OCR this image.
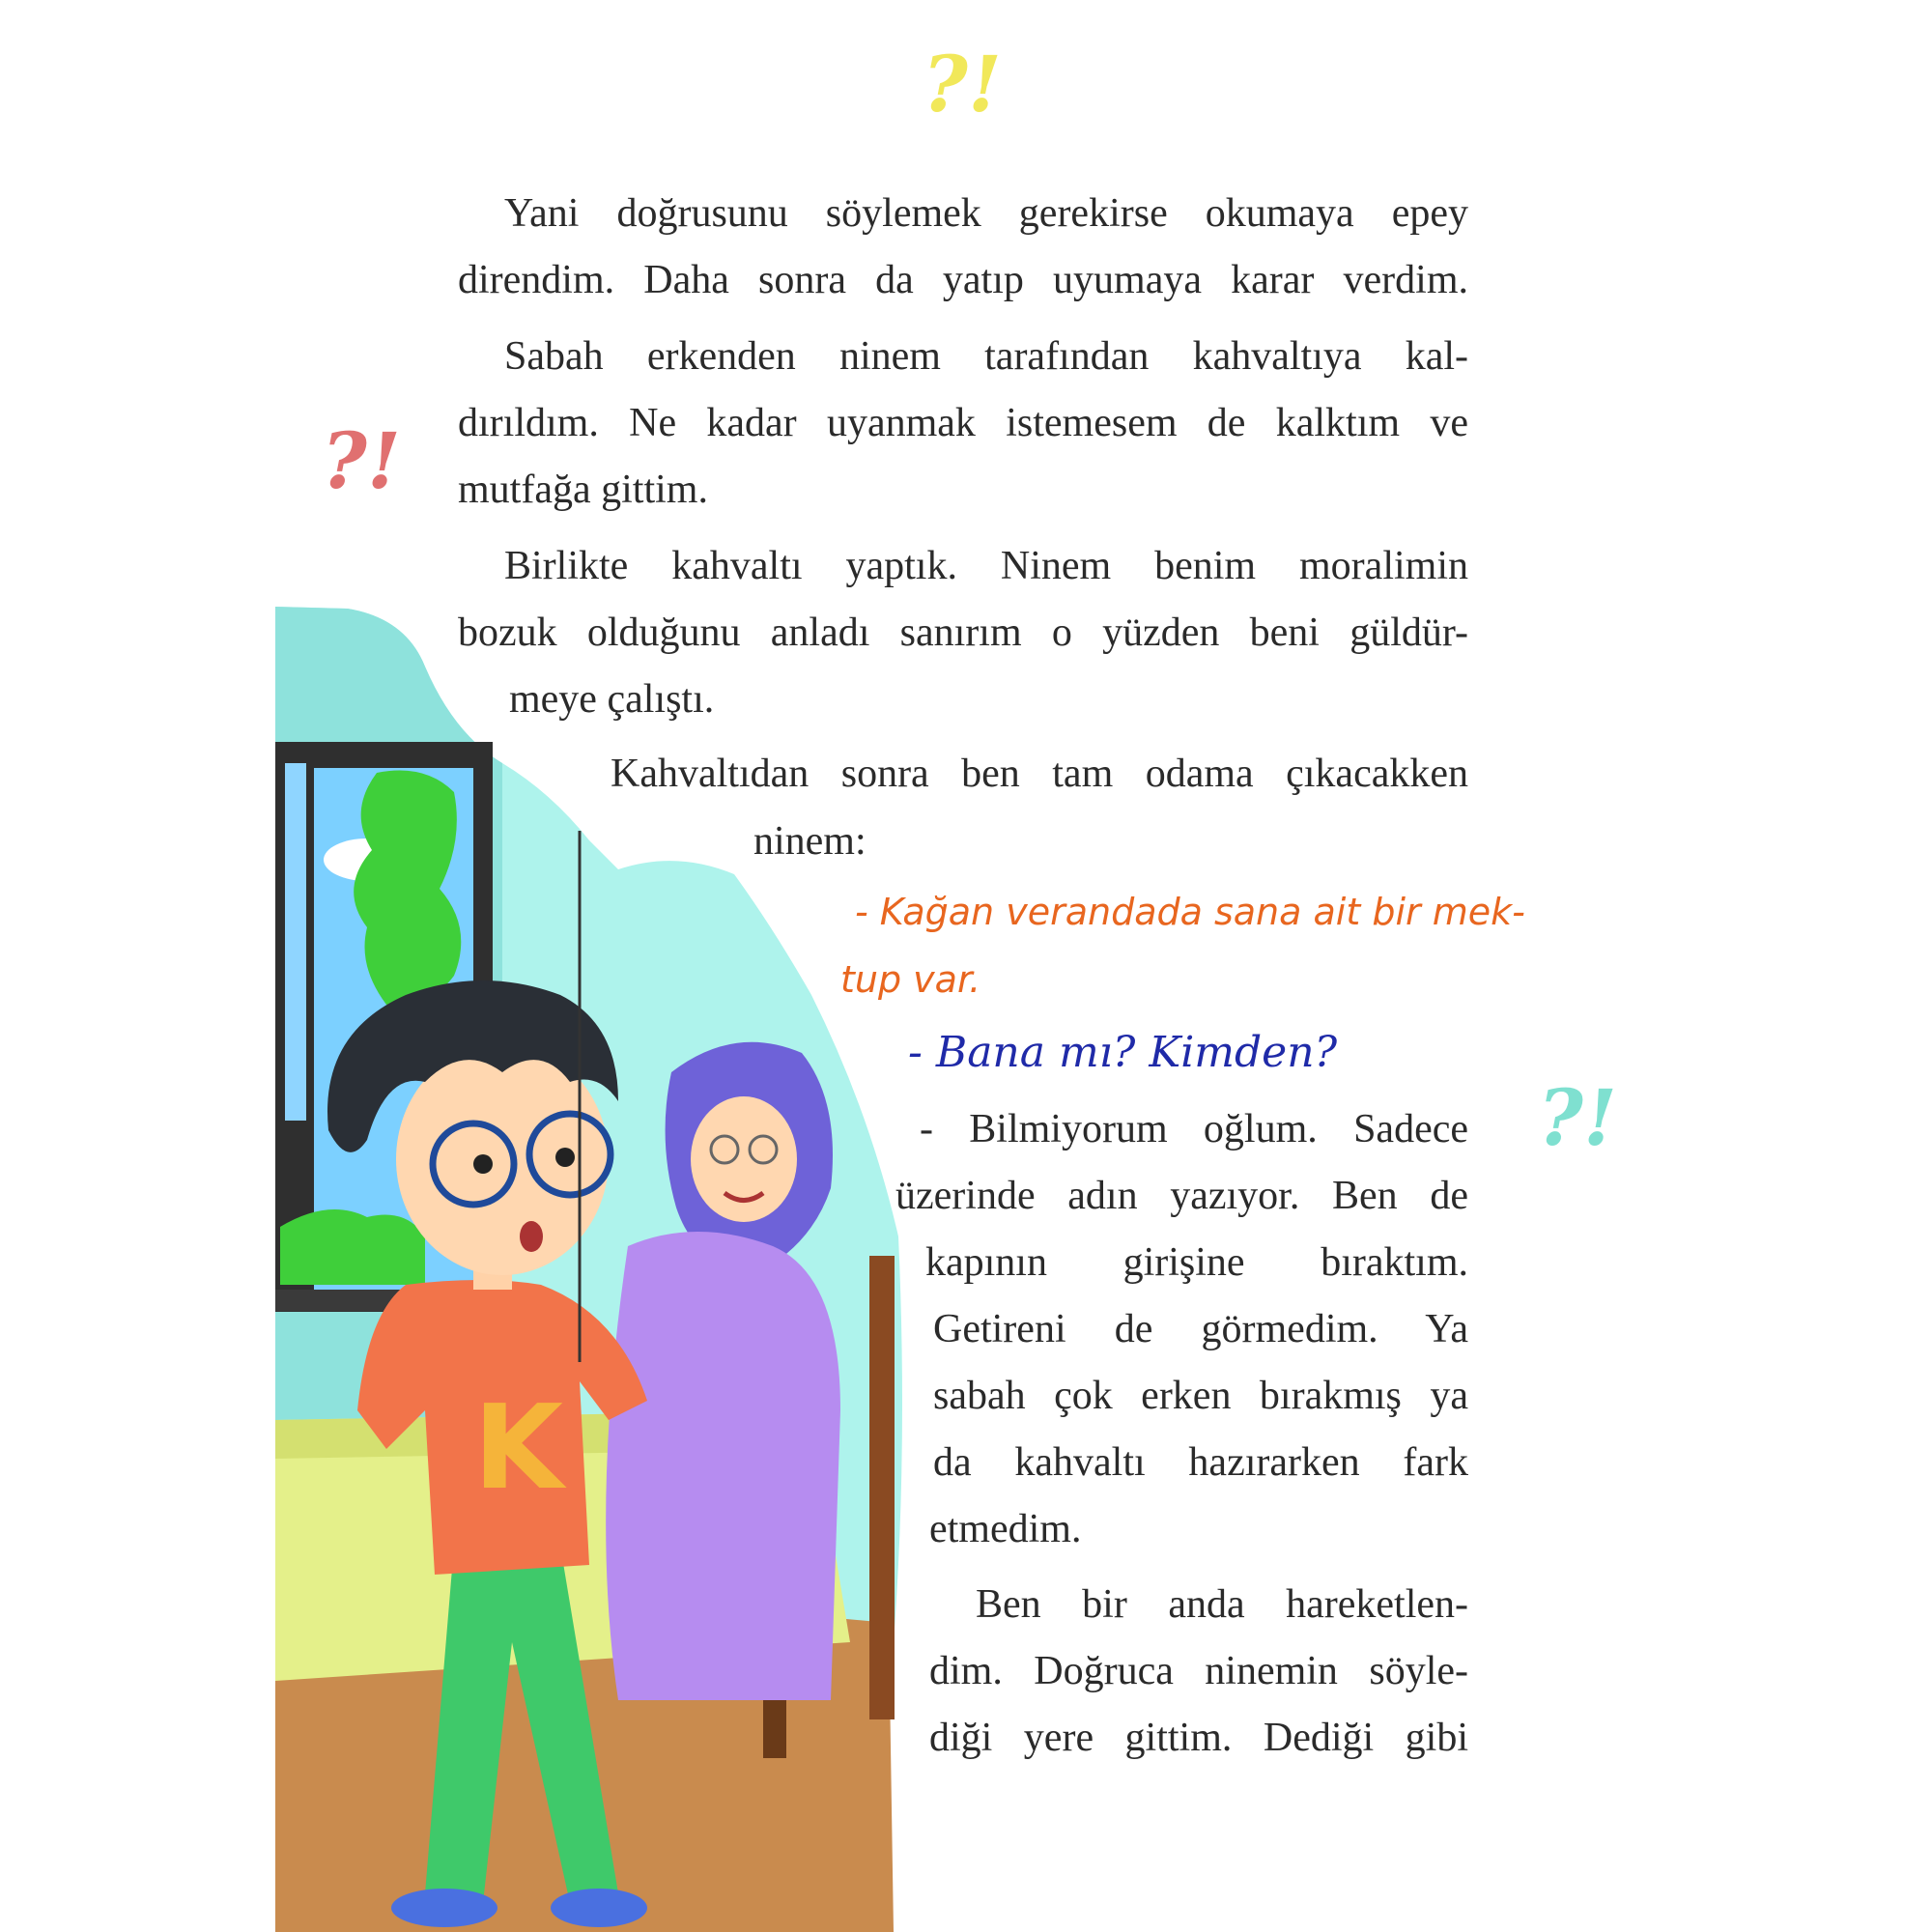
K
?!
?!
?!
Yani doğrusunu söylemek gerekirse okumaya epey
direndim. Daha sonra da yatıp uyumaya karar verdim.
Sabah erkenden ninem tarafından kahvaltıya kal-
dırıldım. Ne kadar uyanmak istemesem de kalktım ve
mutfağa gittim.
Birlikte kahvaltı yaptık. Ninem benim moralimin
bozuk olduğunu anladı sanırım o yüzden beni güldür-
meye çalıştı.
Kahvaltıdan sonra ben tam odama çıkacakken
ninem:
- Kağan verandada sana ait bir mek-
tup var.
- Bana mı? Kimden?
- Bilmiyorum oğlum. Sadece
üzerinde adın yazıyor. Ben de
kapının girişine bıraktım.
Getireni de görmedim. Ya
sabah çok erken bırakmış ya
da kahvaltı hazırarken fark
etmedim.
Ben bir anda hareketlen-
dim. Doğruca ninemin söyle-
diği yere gittim. Dediği gibi
